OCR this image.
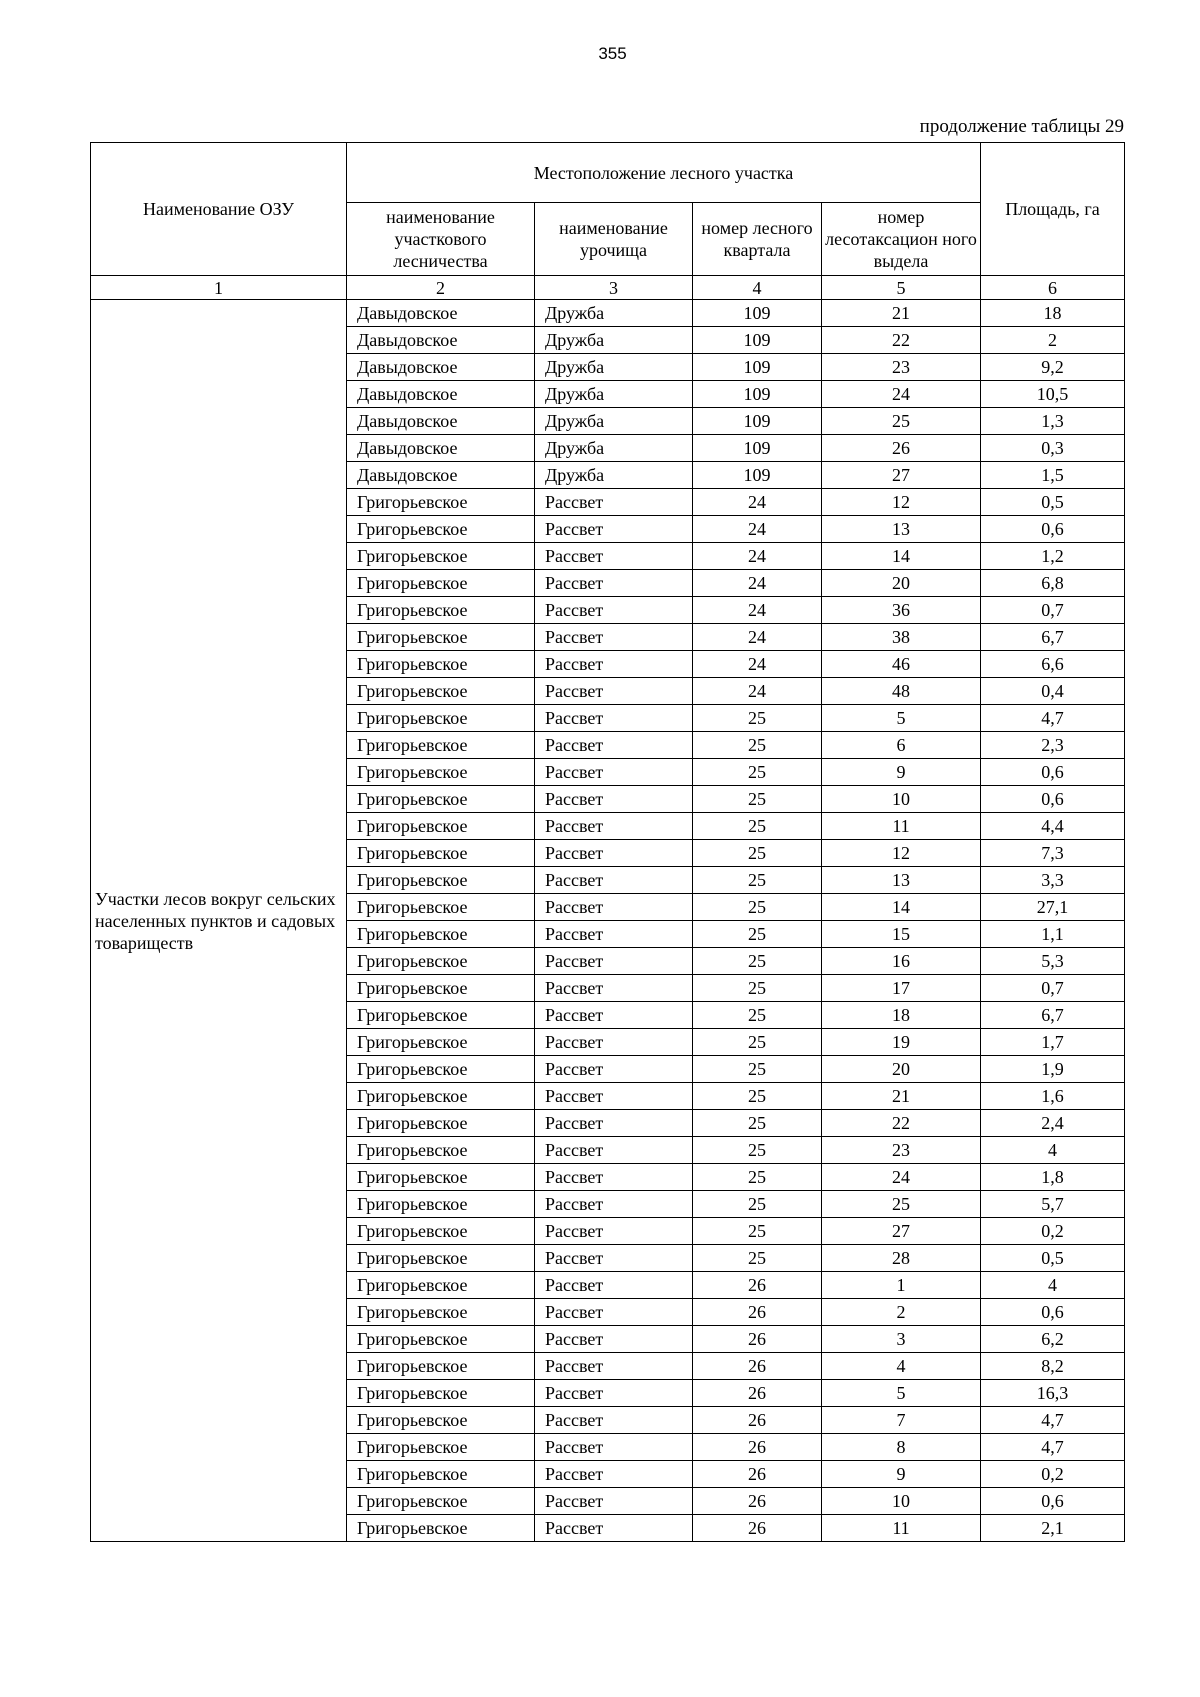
355
продолжение таблицы 29
Наименование ОЗУ	Местоположение лесного участка				Площадь, га
	наименование участкового лесничества	наименование урочища	номер лесного квартала	номер лесотаксацион ного выдела	
1	2	3	4	5	6
Участки лесов вокруг сельских населенных пунктов и садовых товариществ	Давыдовское	Дружба	109	21	18
	Давыдовское	Дружба	109	22	2
	Давыдовское	Дружба	109	23	9,2
	Давыдовское	Дружба	109	24	10,5
	Давыдовское	Дружба	109	25	1,3
	Давыдовское	Дружба	109	26	0,3
	Давыдовское	Дружба	109	27	1,5
	Григорьевское	Рассвет	24	12	0,5
	Григорьевское	Рассвет	24	13	0,6
	Григорьевское	Рассвет	24	14	1,2
	Григорьевское	Рассвет	24	20	6,8
	Григорьевское	Рассвет	24	36	0,7
	Григорьевское	Рассвет	24	38	6,7
	Григорьевское	Рассвет	24	46	6,6
	Григорьевское	Рассвет	24	48	0,4
	Григорьевское	Рассвет	25	5	4,7
	Григорьевское	Рассвет	25	6	2,3
	Григорьевское	Рассвет	25	9	0,6
	Григорьевское	Рассвет	25	10	0,6
	Григорьевское	Рассвет	25	11	4,4
	Григорьевское	Рассвет	25	12	7,3
	Григорьевское	Рассвет	25	13	3,3
	Григорьевское	Рассвет	25	14	27,1
	Григорьевское	Рассвет	25	15	1,1
	Григорьевское	Рассвет	25	16	5,3
	Григорьевское	Рассвет	25	17	0,7
	Григорьевское	Рассвет	25	18	6,7
	Григорьевское	Рассвет	25	19	1,7
	Григорьевское	Рассвет	25	20	1,9
	Григорьевское	Рассвет	25	21	1,6
	Григорьевское	Рассвет	25	22	2,4
	Григорьевское	Рассвет	25	23	4
	Григорьевское	Рассвет	25	24	1,8
	Григорьевское	Рассвет	25	25	5,7
	Григорьевское	Рассвет	25	27	0,2
	Григорьевское	Рассвет	25	28	0,5
	Григорьевское	Рассвет	26	1	4
	Григорьевское	Рассвет	26	2	0,6
	Григорьевское	Рассвет	26	3	6,2
	Григорьевское	Рассвет	26	4	8,2
	Григорьевское	Рассвет	26	5	16,3
	Григорьевское	Рассвет	26	7	4,7
	Григорьевское	Рассвет	26	8	4,7
	Григорьевское	Рассвет	26	9	0,2
	Григорьевское	Рассвет	26	10	0,6
	Григорьевское	Рассвет	26	11	2,1
